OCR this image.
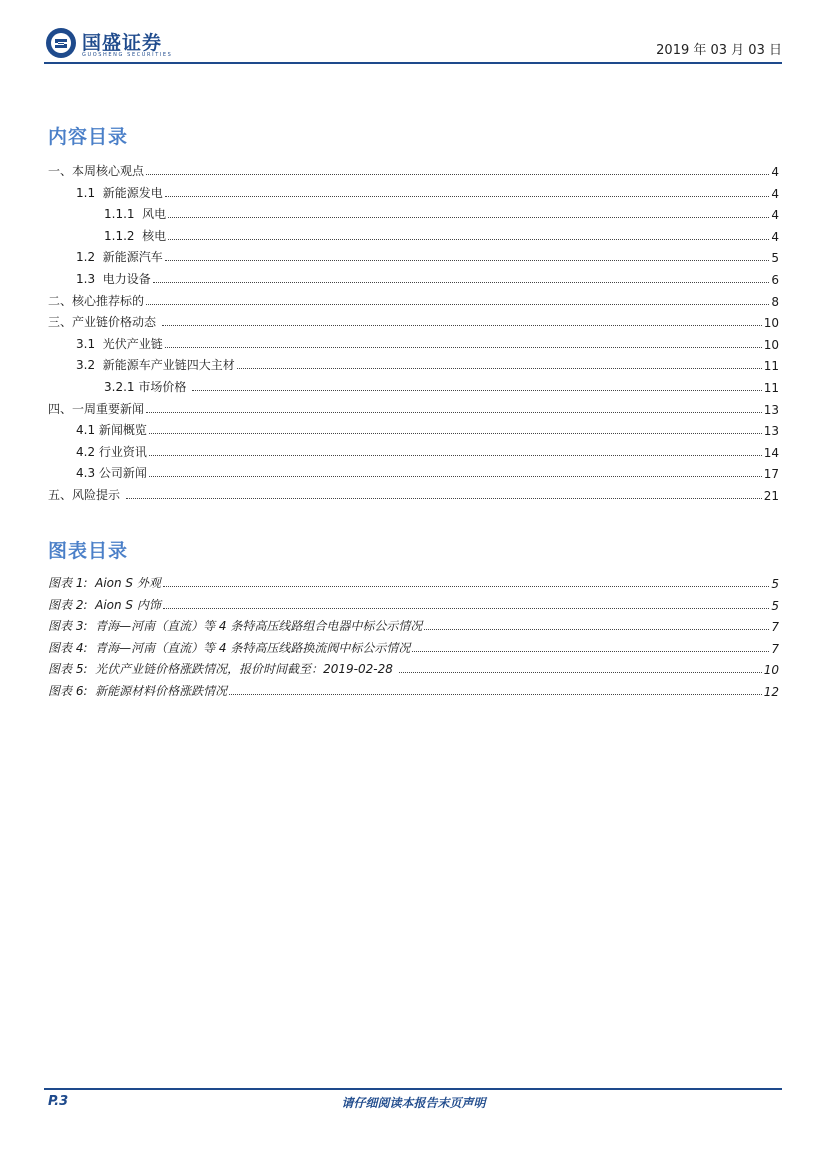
国盛证券
GUOSHENG SECURITIES	2019 年 03 月 03 日
内容目录
一、本周核心观点	4
1.1  新能源发电	4
1.1.1  风电	4
1.1.2  核电	4
1.2  新能源汽车	5
1.3  电力设备	6
二、核心推荐标的	8
三、产业链价格动态	10
3.1  光伏产业链	10
3.2  新能源车产业链四大主材	11
3.2.1 市场价格	11
四、一周重要新闻	13
4.1 新闻概览	13
4.2 行业资讯	14
4.3 公司新闻	17
五、风险提示	21
图表目录
图表 1:  Aion S 外观	5
图表 2:  Aion S 内饰	5
图表 3:  青海—河南（直流）等 4 条特高压线路组合电器中标公示情况	7
图表 4:  青海—河南（直流）等 4 条特高压线路换流阀中标公示情况	7
图表 5:  光伏产业链价格涨跌情况，报价时间截至：2019-02-28	10
图表 6:  新能源材料价格涨跌情况	12
P.3	请仔细阅读本报告末页声明
